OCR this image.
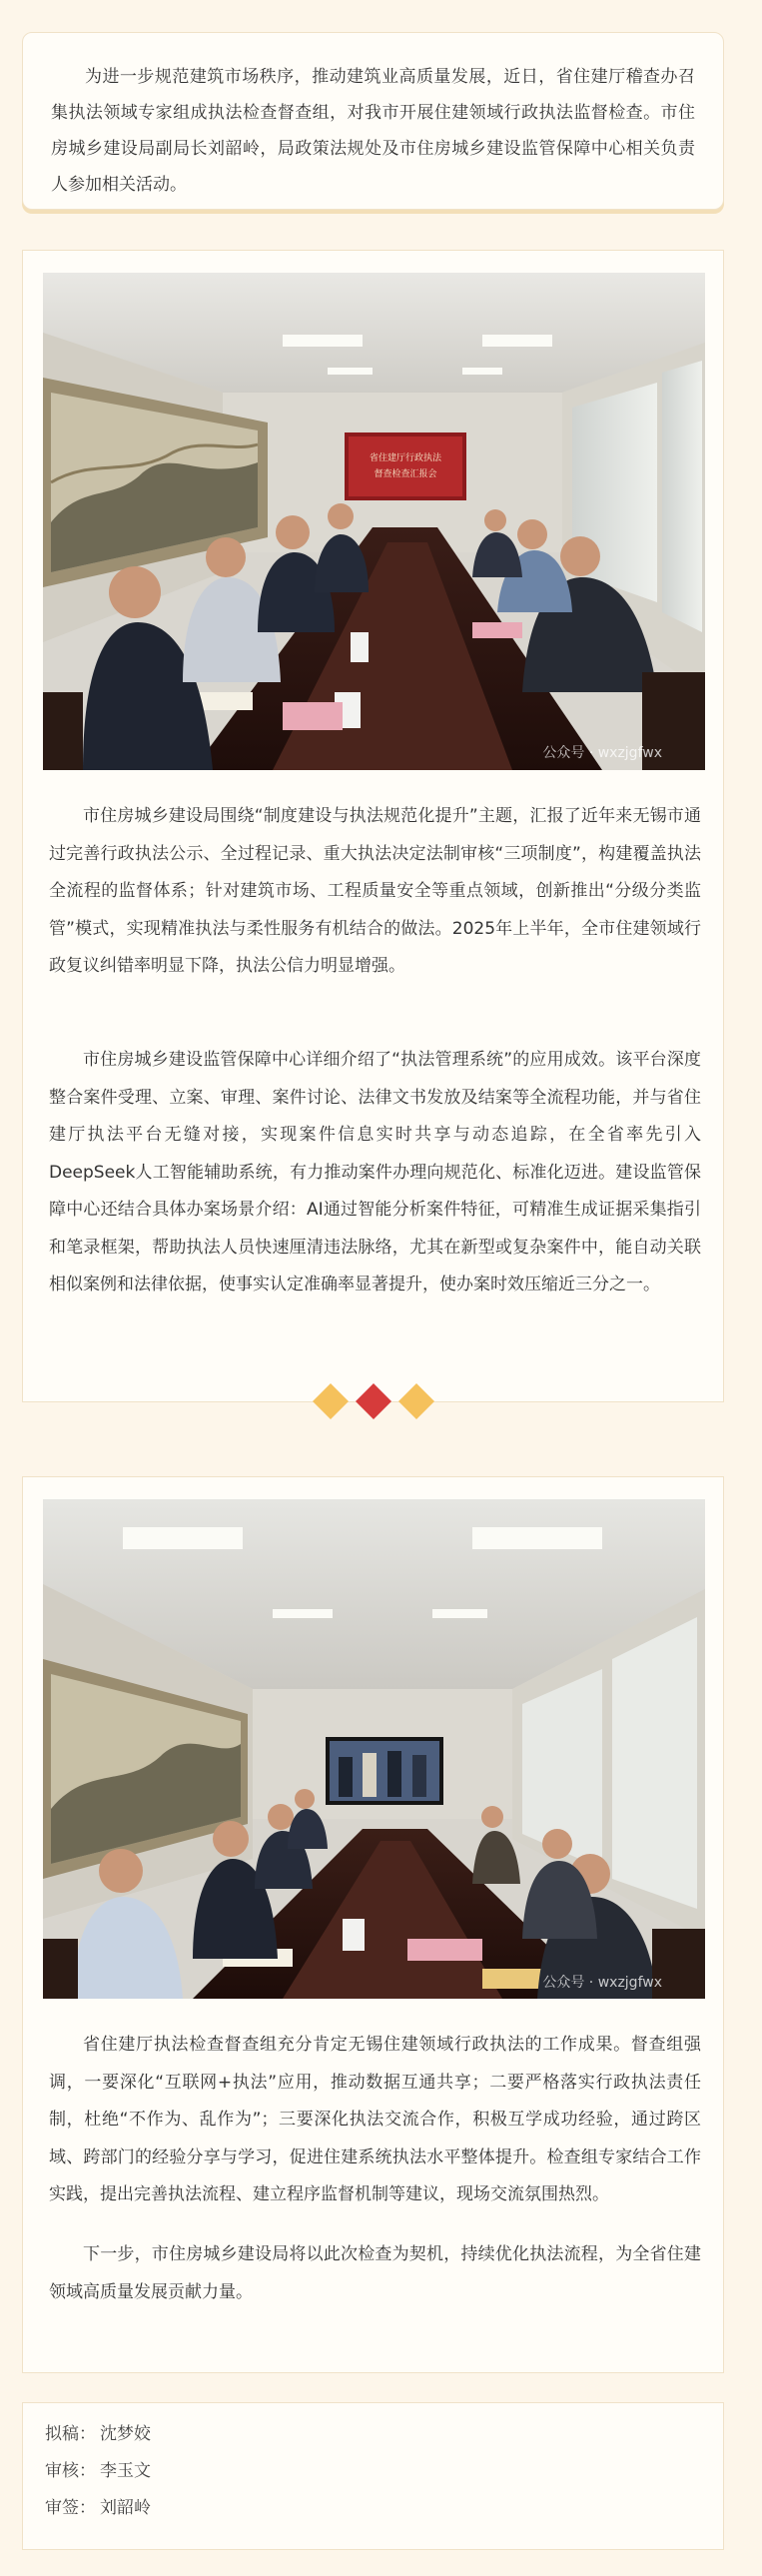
为进一步规范建筑市场秩序，推动建筑业高质量发展，近日，省住建厅稽查办召集执法领域专家组成执法检查督查组，对我市开展住建领域行政执法监督检查。市住房城乡建设局副局长刘韶岭，局政策法规处及市住房城乡建设监管保障中心相关负责人参加相关活动。

省住建厅行政执法
督查检查汇报会
公众号 · wxzjgfwx

市住房城乡建设局围绕“制度建设与执法规范化提升”主题，汇报了近年来无锡市通过完善行政执法公示、全过程记录、重大执法决定法制审核“三项制度”，构建覆盖执法全流程的监督体系；针对建筑市场、工程质量安全等重点领域，创新推出“分级分类监管”模式，实现精准执法与柔性服务有机结合的做法。2025年上半年，全市住建领域行政复议纠错率明显下降，执法公信力明显增强。

市住房城乡建设监管保障中心详细介绍了“执法管理系统”的应用成效。该平台深度整合案件受理、立案、审理、案件讨论、法律文书发放及结案等全流程功能，并与省住建厅执法平台无缝对接，实现案件信息实时共享与动态追踪，在全省率先引入DeepSeek人工智能辅助系统，有力推动案件办理向规范化、标准化迈进。建设监管保障中心还结合具体办案场景介绍：AI通过智能分析案件特征，可精准生成证据采集指引和笔录框架，帮助执法人员快速厘清违法脉络，尤其在新型或复杂案件中，能自动关联相似案例和法律依据，使事实认定准确率显著提升，使办案时效压缩近三分之一。

公众号 · wxzjgfwx

省住建厅执法检查督查组充分肯定无锡住建领域行政执法的工作成果。督查组强调，一要深化“互联网+执法”应用，推动数据互通共享；二要严格落实行政执法责任制，杜绝“不作为、乱作为”；三要深化执法交流合作，积极互学成功经验，通过跨区域、跨部门的经验分享与学习，促进住建系统执法水平整体提升。检查组专家结合工作实践，提出完善执法流程、建立程序监督机制等建议，现场交流氛围热烈。

下一步，市住房城乡建设局将以此次检查为契机，持续优化执法流程，为全省住建领域高质量发展贡献力量。

拟稿： 沈梦姣
审核： 李玉文
审签： 刘韶岭
